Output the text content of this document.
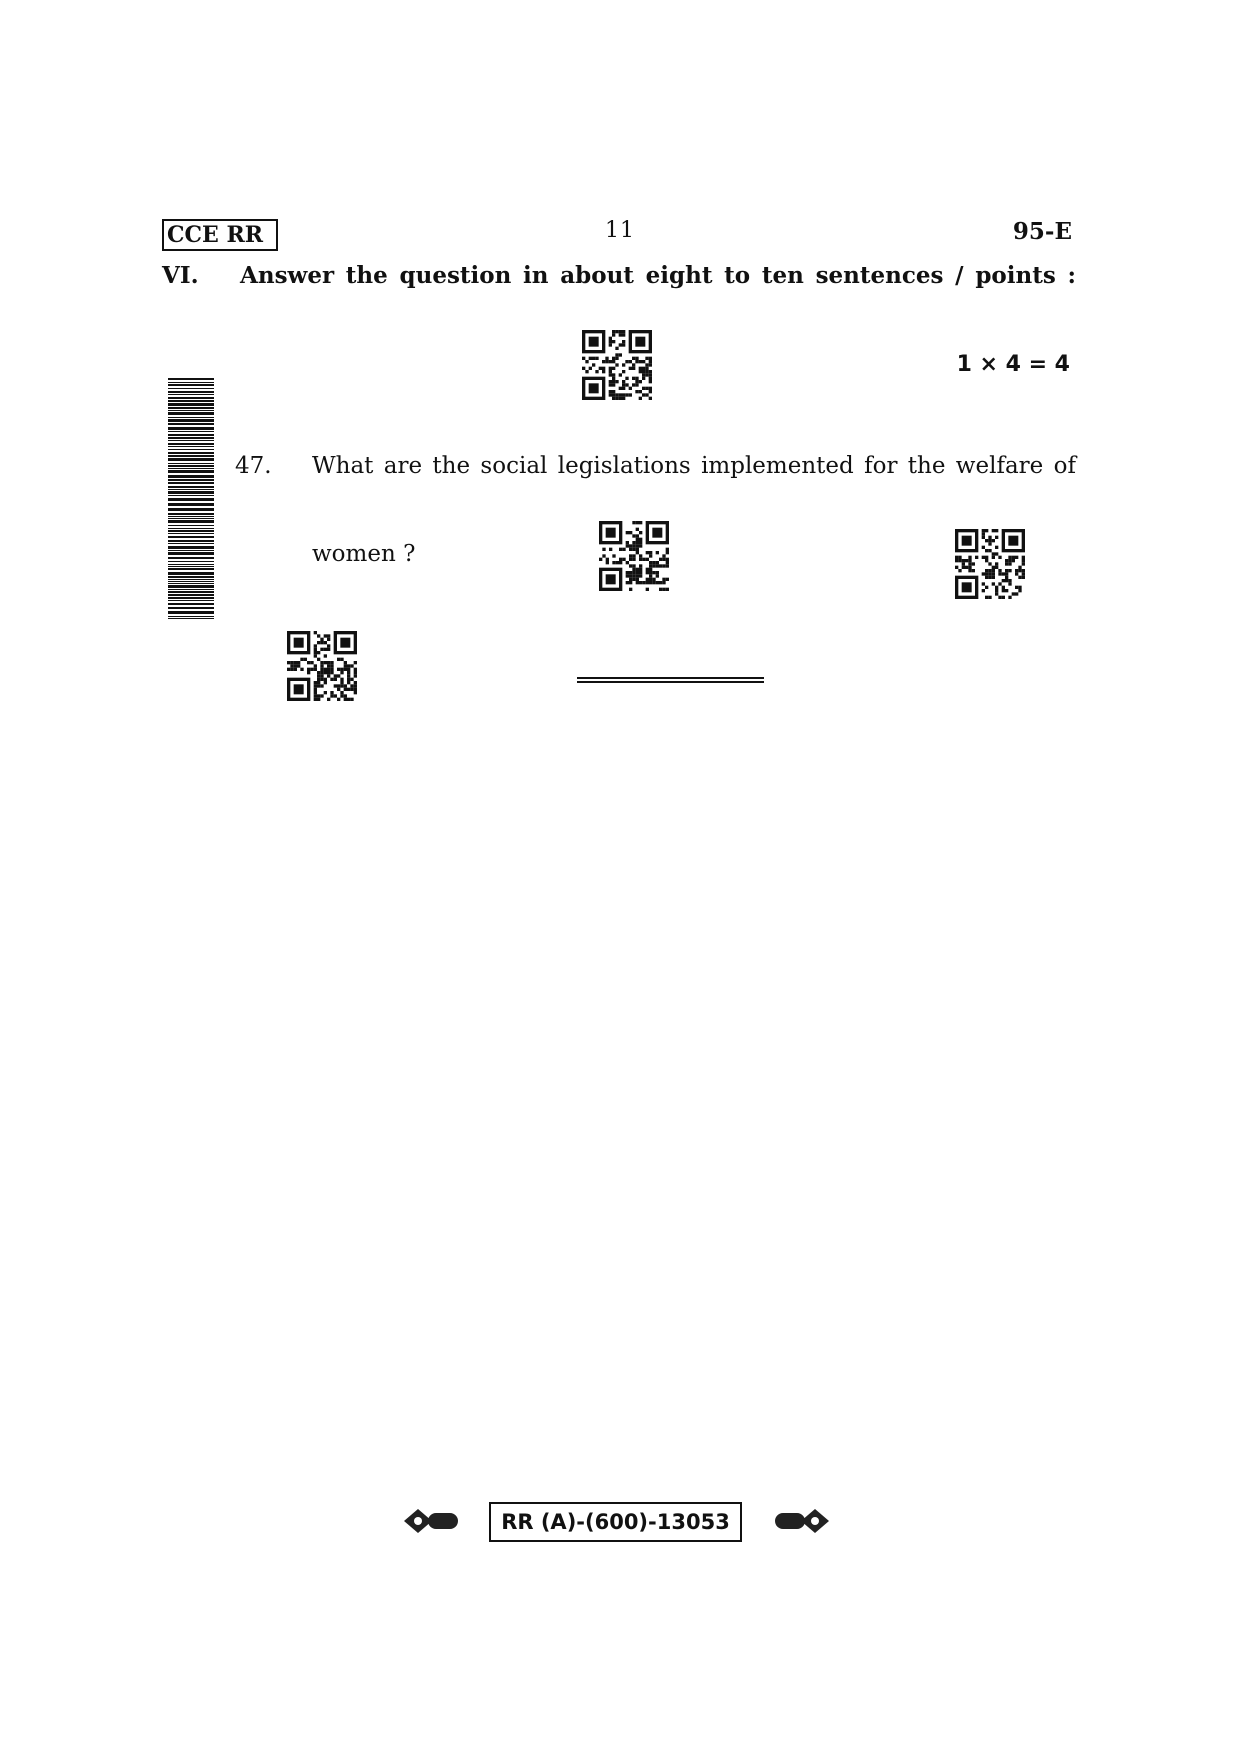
CCE RR	11	95-E
VI. Answer the question in about eight to ten sentences / points :
1 × 4 = 4
47. What are the social legislations implemented for the welfare of
women ?
RR (A)-(600)-13053
